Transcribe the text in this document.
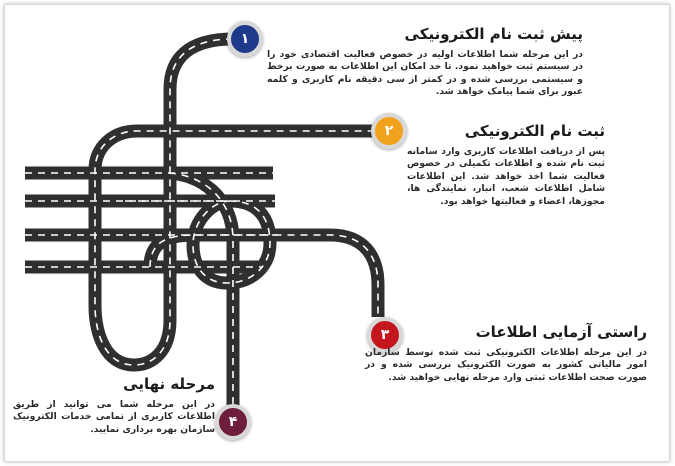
۱	پیش ثبت نام الکترونیکی

در این مرحله شما اطلاعات اولیه در خصوص فعالیت اقتصادی خود را در سیستم ثبت خواهید نمود. تا حد امکان این اطلاعات به صورت برخط و سیستمی بررسی شده و در کمتر از سی دقیقه نام کاربری و کلمه عبور برای شما پیامک خواهد شد.

۲	ثبت نام الکترونیکی

پس از دریافت اطلاعات کاربری وارد سامانه ثبت نام شده و اطلاعات تکمیلی در خصوص فعالیت شما اخذ خواهد شد. این اطلاعات شامل اطلاعات شعب، انبار، نمایندگی ها، مجوزها، اعضاء و فعالیتها خواهد بود.

۳	راستی آزمایی اطلاعات

در این مرحله اطلاعات الکترونیکی ثبت شده توسط سازمان امور مالیاتی کشور به صورت الکترونیک بررسی شده و در صورت صحت اطلاعات ثبتی وارد مرحله نهایی خواهید شد.

۴
مرحله نهایی

در این مرحله شما می توانید از طریق اطلاعات کاربری از تمامی خدمات الکترونیک سازمان بهره برداری نمایید.
